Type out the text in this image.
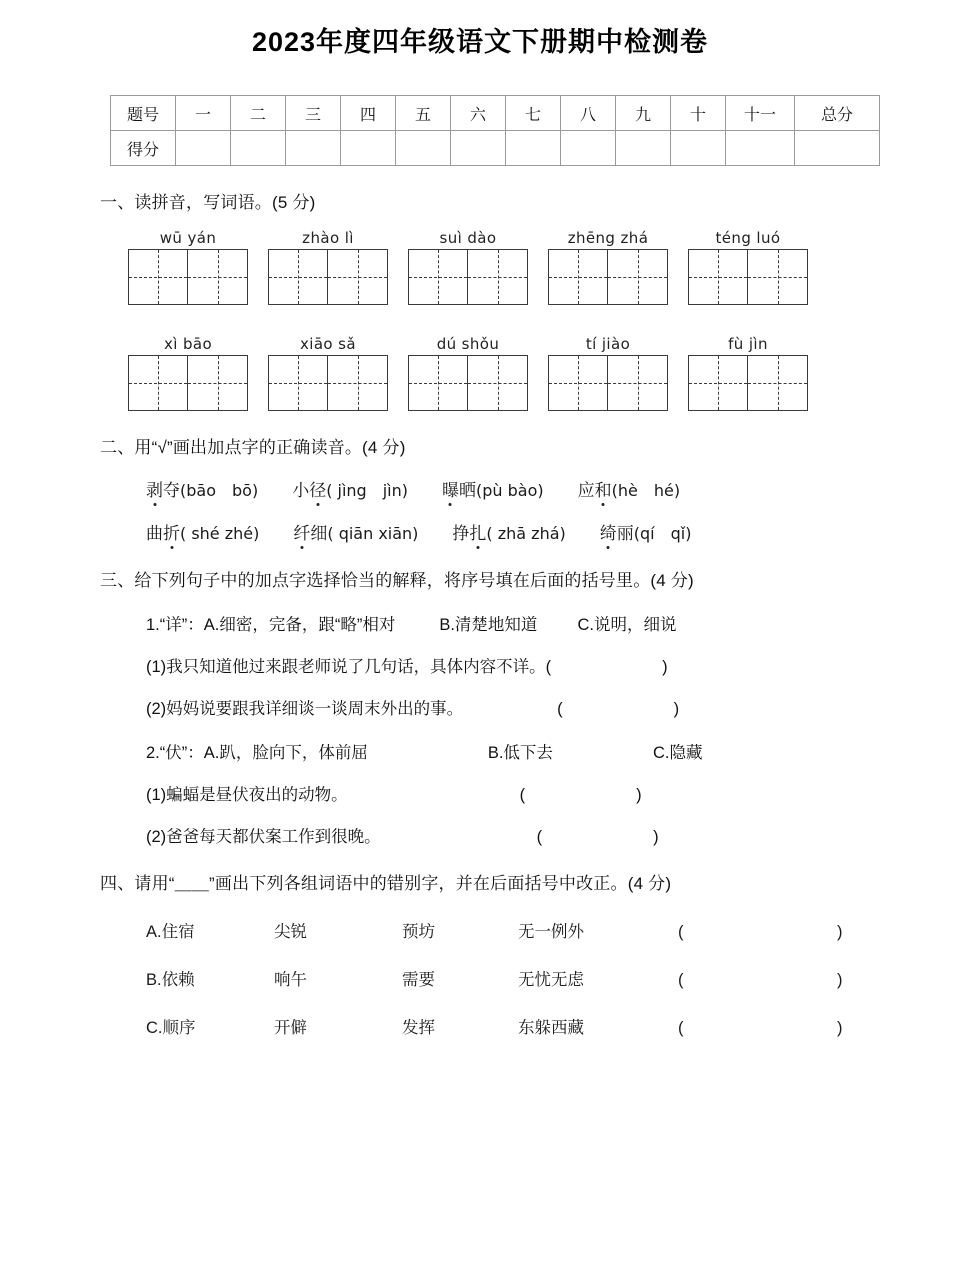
2023年度四年级语文下册期中检测卷
题号	一	二	三	四	五	六	七	八	九	十	十一	总分
得分												
一、读拼音，写词语。(5 分)
wū yán	zhào lì	suì dào	zhēng zhá	téng luó
xì bāo	xiāo sǎ	dú shǒu	tí jiào	fù jìn
二、用“√”画出加点字的正确读音。(4 分)
剥夺(bāo　bō) 小径( jìng　jìn) 曝晒(pù bào) 应和(hè　hé)
曲折( shé zhé) 纤细( qiān xiān) 挣扎( zhā zhá) 绮丽(qí　qǐ)
三、给下列句子中的加点字选择恰当的解释，将序号填在后面的括号里。(4 分)
1.“详”：A.细密，完备，跟“略”相对	B.清楚地知道 C.说明，细说
(1)我只知道他过来跟老师说了几句话，具体内容不详。 (　　)
(2)妈妈说要跟我详细谈一谈周末外出的事。	(　　)
2.“伏”：A.趴，脸向下，体前屈	B.低下去	C.隐藏
(1)蝙蝠是昼伏夜出的动物。	(　　)
(2)爸爸每天都伏案工作到很晚。	(　　)
四、请用“＿＿”画出下列各组词语中的错别字，并在后面括号中改正。(4 分)
A.住宿	尖锐	预坊	无一例外	(　　　)
B.依赖	响午	需要	无忧无虑	(　　　)
C.顺序	开僻	发挥	东躲西藏	(　　　)
